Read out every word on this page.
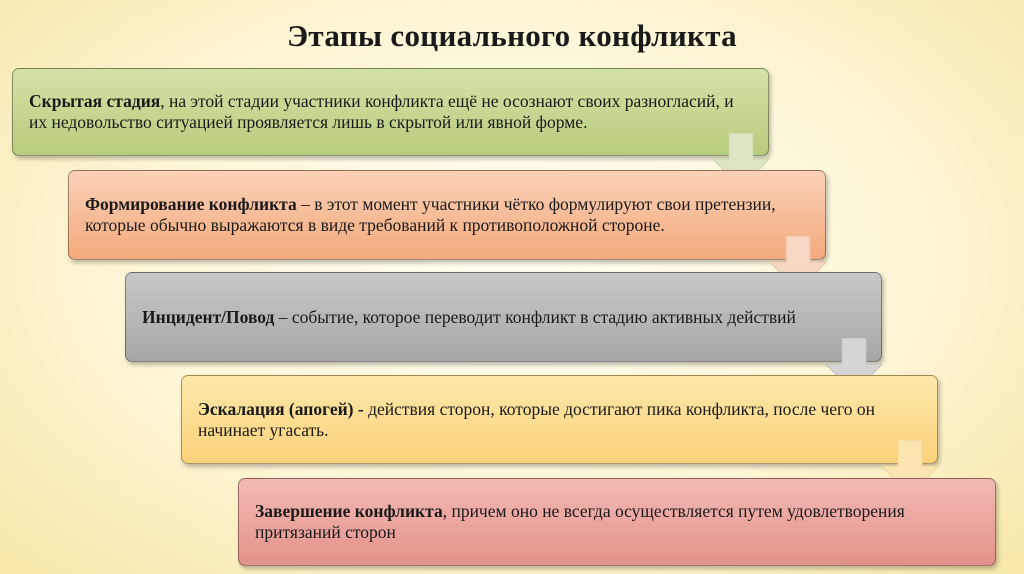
Этапы социального конфликта
Скрытая стадия, на этой стадии участники конфликта ещё не осознают своих разногласий, и их недовольство ситуацией проявляется лишь в скрытой или явной форме.
Формирование конфликта – в этот момент участники чётко формулируют свои претензии, которые обычно выражаются в виде требований к противоположной стороне.
Инцидент/Повод – событие, которое переводит конфликт в стадию активных действий
Эскалация (апогей) - действия сторон, которые достигают пика конфликта, после чего он начинает угасать.
Завершение конфликта, причем оно не всегда осуществляется путем удовлетворения притязаний сторон
